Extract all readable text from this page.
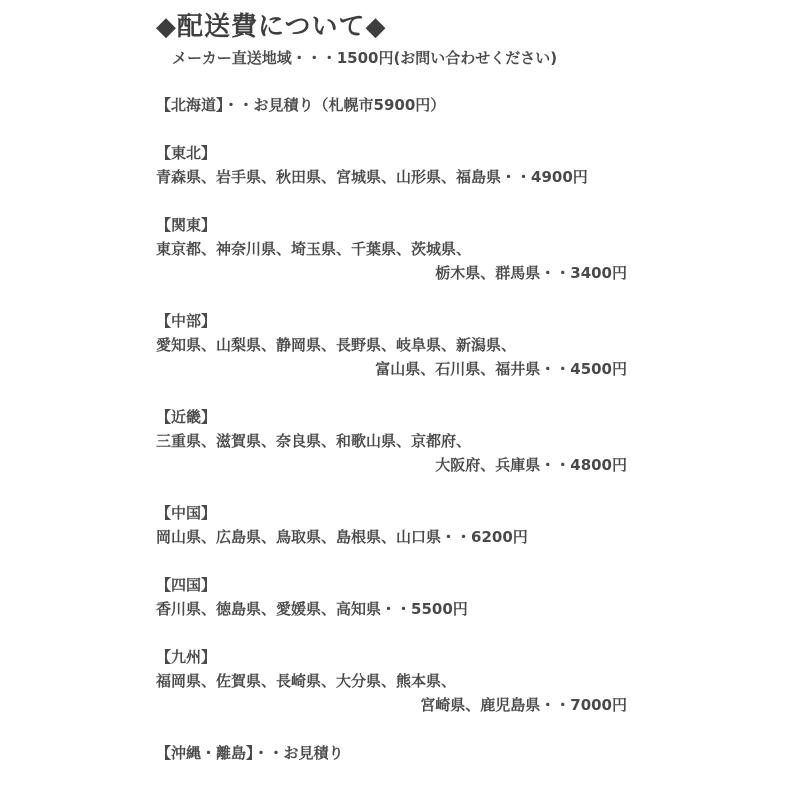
◆配送費について◆
メーカー直送地域・・・1500円(お問い合わせください)
【北海道】・・お見積り（札幌市5900円）
【東北】
青森県、岩手県、秋田県、宮城県、山形県、福島県・・4900円
【関東】
東京都、神奈川県、埼玉県、千葉県、茨城県、
栃木県、群馬県・・3400円
【中部】
愛知県、山梨県、静岡県、長野県、岐阜県、新潟県、
富山県、石川県、福井県・・4500円
【近畿】
三重県、滋賀県、奈良県、和歌山県、京都府、
大阪府、兵庫県・・4800円
【中国】
岡山県、広島県、鳥取県、島根県、山口県・・6200円
【四国】
香川県、徳島県、愛媛県、高知県・・5500円
【九州】
福岡県、佐賀県、長崎県、大分県、熊本県、
宮崎県、鹿児島県・・7000円
【沖縄・離島】・・お見積り
